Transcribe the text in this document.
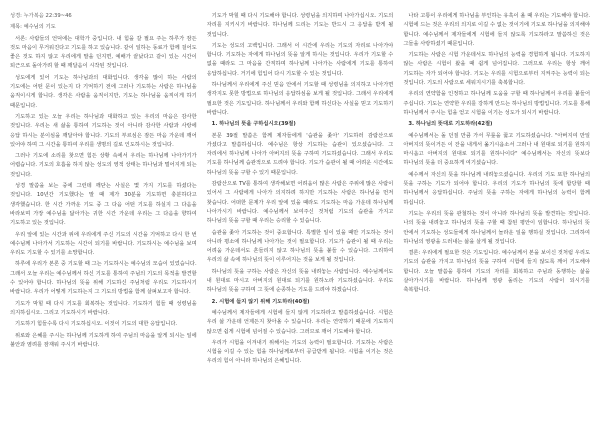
성경: 누가복음 22:39~46

제목: 예수님의 기도

서론: 사람들의 언덕에는 대학가 중입니다. 내 힘을 갈 필요 주는 하루가 잠든 것도 마음이 무거워진다고 기도를 하고 있습니다. 같이 일하는 동료가 함께 걸어도 좋은 것도 하지 않고 우리에게 말을 던지면, 예배가 끝났다고 같이 있는 시간이 퇴근으로 돌아가려 할 때 깨달음이 시작된 것입니다.

성도에게 있어 기도는 하나님과의 대화입니다. 생각을 많이 하는 사람의 기도에는 어떤 문이 있는지 다 기억하기 전에 그러나 기도하는 사람은 하나님을 움직이시게 합니다. 생각은 사람을 움직이지만, 기도는 하나님을 움직이게 하기 때문입니다.

기도하고 있는 오늘 우리는 하나님과 대화하고 있는 우리의 마음은 감사한 것입니다. 우리는 새 삶을 통하여 기도하는 것이 아니라 감사한 사람과 사랑에 응답 하시는 분이심을 깨달아야 합니다. 기도의 부르심은 잠든 마음 가운데 깨어 있어야 하며 그 시간을 통하여 우리를 생명의 길로 인도하시는 것입니다.

그러나 기도에 소리를 찾으면 힘든 상황 속에서 우리는 하나님께 나아가기가 어렵습니다. 기도의 호흡을 하지 않는 성도의 영적 상태는 하나님과 멀어지게 되는 것입니다.

성경 말씀을 보는 중에 그런데 깨닫는 사실은 몇 가지 기도를 하셨다는 것입니다. 10년간 기도했다는 말 때 제가 30분을 기도하면 충분하다고 생각했습니다. 한 시간 가까운 기도 중 그 다음 어떤 기도를 하실지 그 다음을 바라보며 가장 예수님을 닮아가는 귀한 시간 가운데 우리는 그 다음을 향하여 기도하고 있는 것입니다.

우리 앞에 있는 시간과 위에 우리에게 주신 기도의 시간을 기억하고 다시 한 번 예수님께 나아가서 기도하는 시간이 되기를 바랍니다. 기도하시는 예수님을 보며 우리도 기도할 수 있기를 소망합니다.

하루에 우리가 본론 중 기도할 때 그는 기도하시는 예수님의 모습이 있었습니다. 그래서 오늘 우리는 예수님께서 하신 기도를 통하여 주님의 기도의 목적을 발견할 수 있어야 합니다. 하나님의 뜻을 위해 기도하신 주님처럼 우리도 기도하시기 바랍니다. 우리가 어떻게 기도하는지 그 기도의 방법을 함께 살펴보고자 합니다.

기도가 막힐 때 다시 기도를 회복하는 것입니다. 기도하기 힘들 때 성령님을 의지하십시오. 그리고 기도하시기 바랍니다.

기도하기 힘들수록 다시 기도하십시오. 이것이 기도의 대한 응답입니다.

위로와 은혜를 주시는 하나님께 기도하게 하여 주님의 마음을 알게 되시는 일에 불안과 염려를 잠재워 주시기 바랍니다.

기도가 막힐 때 다시 기도해야 합니다. 성령님을 의지하며 나아가십시오. 기도의 자리를 지키시기 바랍니다. 하나님께 드리는 기도는 반드시 그 응답을 받게 될 것입니다.

기도는 성도의 고백입니다. 그래서 이 시간에 우리는 기도의 자리로 나아가야 합니다. 기도하는 자에게 하나님의 뜻을 알게 하시는 것입니다. 우리가 기도할 수 없을 때라도 그 마음을 간직하며 하나님께 나아가는 사람에게 기도를 통하여 응답하십니다. 거기에 힘입어 다시 기도할 수 있는 것입니다.

하나님께서 우리에게 주신 믿음 안에서 기도할 때 성령님을 의지하고 나아가면 생각지도 못한 방법으로 하나님의 응답하심을 보게 될 것입니다. 그래서 우리에게 필요한 것은 기도입니다. 하나님께서 우리와 함께 하신다는 사실을 믿고 기도하기 바랍니다.

1. 하나님의 뜻을 구하십시오(39절)

본문 39절 말씀은 함께 제자들에게 '습관을 좇아' 기도하러 감람산으로 가셨다고 말씀하십니다. 예수님은 항상 기도하는 습관이 있으셨습니다. 그 자리에서 하나님께 나아가 아버지의 뜻을 구하며 기도하셨습니다. 그래서 우리도 기도를 하나님께 습관적으로 드려야 합니다. 기도가 습관이 될 때 어려운 시간에도 하나님의 뜻을 구할 수 있기 때문입니다.

감람산으로 TV를 통하여 생각해보면 어려움이 많은 사람은 주위에 많은 사람이 있어서 그 사람에게 나아가 의지하려 하지만 기도하는 사람은 하나님을 먼저 찾습니다. 어떠한 문제가 우리 앞에 있을 때라도 기도하는 마음 가운데 하나님께 나아가시기 바랍니다. 예수님께서 보여주신 것처럼 기도의 습관을 가지고 하나님의 뜻을 구할 때 우리는 승리할 수 있습니다.

습관을 좇아 기도하는 것이 중요합니다. 특별한 일이 있을 때만 기도하는 것이 아니라 평소에 하나님께 나아가는 것이 필요합니다. 기도가 습관이 될 때 우리는 어려움 가운데서도 흔들리지 않고 하나님의 뜻을 붙들 수 있습니다. 그리하여 우리의 삶 속에 하나님의 뜻이 이루어지는 것을 보게 될 것입니다.

하나님의 뜻을 구하는 사람은 자신의 뜻을 내려놓는 사람입니다. 예수님께서도 내 원대로 마시고 아버지의 원대로 되기를 원하노라 기도하셨습니다. 우리도 하나님의 뜻을 구하며 그 뜻에 순종하는 기도를 드려야 하겠습니다.

2. 시험에 들지 않기 위해 기도하라(40절)

예수님께서 제자들에게 시험에 들지 않게 기도하라고 말씀하셨습니다. 시험은 우리 삶 가운데 언제든지 찾아올 수 있습니다. 우리는 연약하기 때문에 기도하지 않으면 쉽게 시험에 넘어질 수 있습니다. 그러므로 깨어 기도해야 합니다.

우리가 시험을 이겨내기 위해서는 기도의 능력이 필요합니다. 기도하는 사람은 시험을 이길 수 있는 힘을 하나님께로부터 공급받게 됩니다. 시험을 이기는 것은 우리의 힘이 아니라 하나님의 은혜입니다.

나타 고통이 우리에게 하나님을 부인하는 유혹이 올 때 우리는 기도해야 합니다. 시험에 드는 것은 우리의 의지로 이길 수 없는 것이기에 기도로 하나님을 의지해야 합니다. 예수님께서 제자들에게 시험에 들지 않도록 기도하라고 말씀하신 것은 그들을 사랑하셨기 때문입니다.

기도하는 사람은 시험 가운데서도 하나님의 능력을 경험하게 됩니다. 기도하지 않는 사람은 시험이 왔을 때 쉽게 넘어집니다. 그러므로 우리는 항상 깨어 기도하는 자가 되어야 합니다. 기도는 우리를 시험으로부터 지켜주는 능력이 되는 것입니다. 기도의 사람으로 세워지시기를 축복합니다.

우리의 연약함을 인정하고 하나님께 도움을 구할 때 하나님께서 우리를 붙들어 주십니다. 기도는 연약한 우리를 강하게 만드는 하나님의 방법입니다. 기도를 통해 하나님께서 주시는 힘을 얻고 시험을 이기는 성도가 되시기 바랍니다.

3. 하나님의 뜻대로 기도하라(42절)

예수님께서는 돌 던질 만큼 가서 무릎을 꿇고 기도하셨습니다. "아버지여 만일 아버지의 뜻이거든 이 잔을 내게서 옮기시옵소서 그러나 내 원대로 되기를 원하지 마시옵고 아버지의 원대로 되기를 원하나이다" 예수님께서는 자신의 뜻보다 하나님의 뜻을 더 중요하게 여기셨습니다.

예수께서 자신의 뜻을 하나님께 내려놓으셨습니다. 우리의 기도 또한 하나님의 뜻을 구하는 기도가 되어야 합니다. 우리의 기도가 하나님의 뜻에 합당할 때 하나님께서 응답하십니다. 주님의 뜻을 구하는 자에게 하나님의 능력이 함께 하십니다.

기도는 우리의 뜻을 관철하는 것이 아니라 하나님의 뜻을 발견하는 것입니다. 나의 뜻을 내려놓고 하나님의 뜻을 구할 때 참된 평안이 임합니다. 하나님의 뜻 안에서 기도하는 성도들에게 하나님께서 놀라운 일을 행하실 것입니다. 그리하여 하나님의 영광을 드러내는 삶을 살게 될 것입니다.

결론: 우리에게 필요한 것은 기도입니다. 예수님께서 본을 보이신 것처럼 우리도 기도의 습관을 가지고 하나님의 뜻을 구하며 시험에 들지 않도록 깨어 기도해야 합니다. 오늘 말씀을 통하여 기도의 자리를 회복하고 주님과 동행하는 삶을 살아가시기를 바랍니다. 하나님께 영광 돌리는 기도의 사람이 되시기를 축복합니다.
